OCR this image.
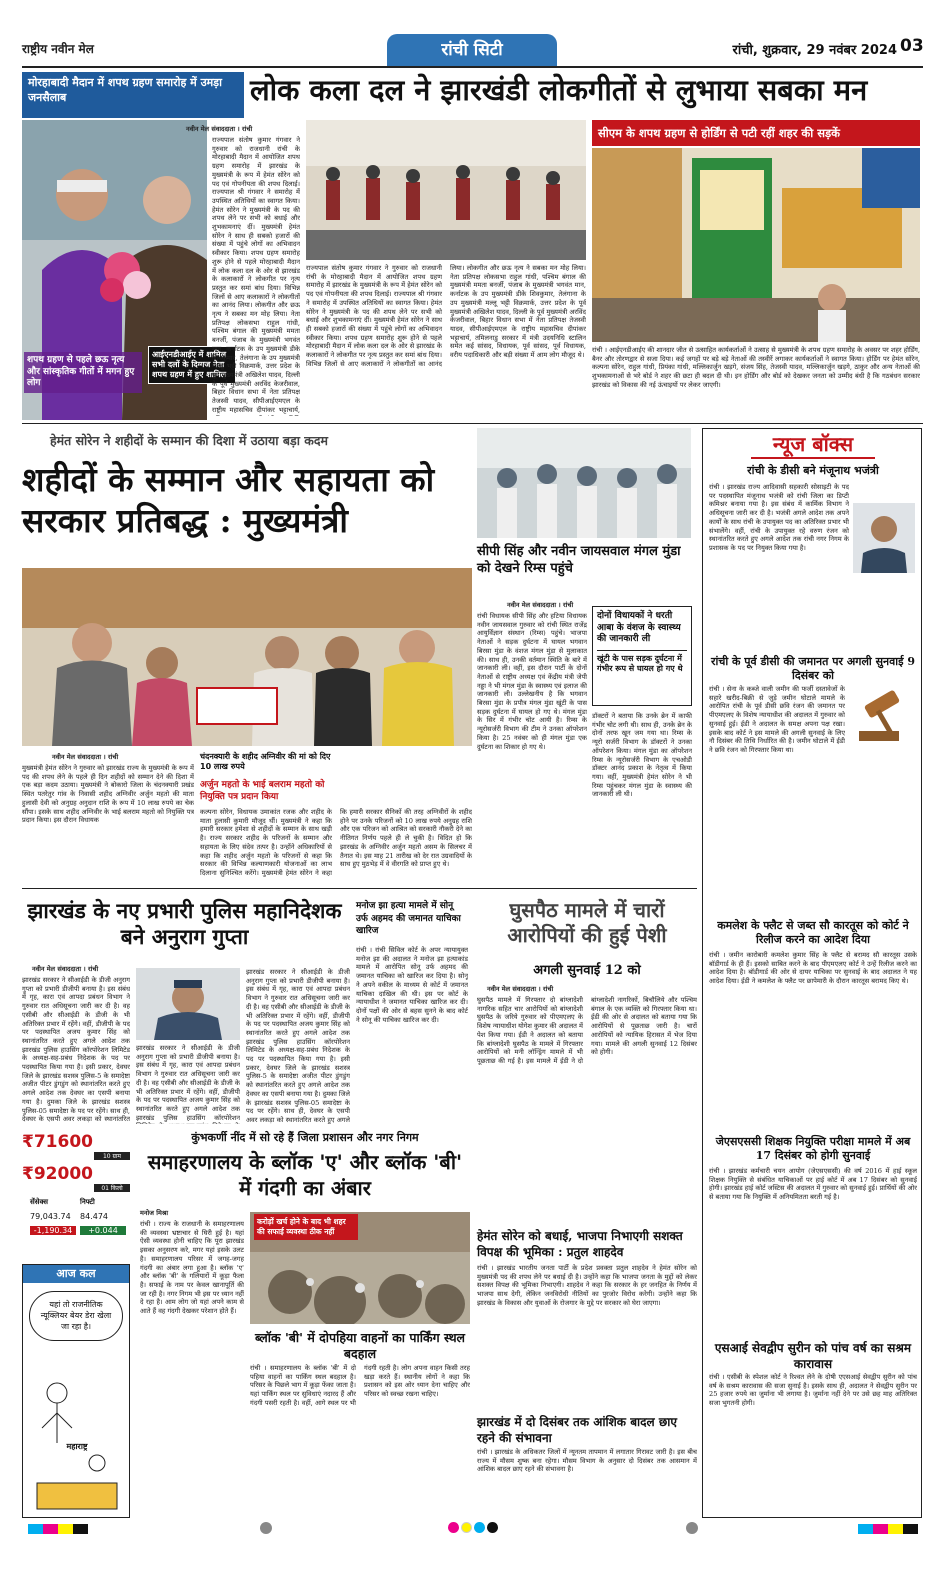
राष्ट्रीय नवीन मेल	रांची सिटी	रांची, शुक्रवार, 29 नवंबर 2024 03
मोरहाबादी मैदान में शपथ ग्रहण समारोह में उमड़ा जनसैलाब	लोक कला दल ने झारखंडी लोकगीतों से लुभाया सबका मन
शपथ ग्रहण से पहले छऊ नृत्य और सांस्कृतिक गीतों में मगन हुए लोग
आईएनडीआईए में शामिल सभी दलों के दिग्गज नेता शपथ ग्रहण में हुए शामिल
नवीन मेल संवाददाता । रांची
राज्यपाल संतोष कुमार गंगवार ने गुरुवार को राजधानी रांची के मोरहाबादी मैदान में आयोजित शपथ ग्रहण समारोह में झारखंड के मुख्यमंत्री के रूप में हेमंत सोरेन को पद एवं गोपनीयता की शपथ दिलाई। राज्यपाल श्री गंगवार ने समारोह में उपस्थित अतिथियों का स्वागत किया। हेमंत सोरेन ने मुख्यमंत्री के पद की शपथ लेने पर सभी को बधाई और शुभकामनाएं दीं। मुख्यमंत्री हेमंत सोरेन ने साथ ही सबको हजारों की संख्या में पहुंचे लोगों का अभिवादन स्वीकार किया। शपथ ग्रहण समारोह शुरू होने से पहले मोरहाबादी मैदान में लोक कला दल के ओर से झारखंड के कलाकारों ने लोकगीत पर नृत्य प्रस्तुत कर समां बांध दिया। विभिन्न जिलों से आए कलाकारों ने लोकगीतों का आनंद लिया। लोकगीत और छऊ नृत्य ने सबका मन मोह लिया। नेता प्रतिपक्ष लोकसभा राहुल गांधी, पश्चिम बंगाल की मुख्यमंत्री ममता बनर्जी, पंजाब के मुख्यमंत्री भगवंत मान, कर्नाटक के उप मुख्यमंत्री डीके शिवकुमार, तेलंगाना के उप मुख्यमंत्री मल्लू भट्टी विक्रमार्क, उत्तर प्रदेश के पूर्व मुख्यमंत्री अखिलेश यादव, दिल्ली के पूर्व मुख्यमंत्री अरविंद केजरीवाल, बिहार विधान सभा में नेता प्रतिपक्ष तेजस्वी यादव, सीपीआईएमएल के राष्ट्रीय महासचिव दीपांकर भट्टाचार्य,
राज्यपाल संतोष कुमार गंगवार ने गुरुवार को राजधानी रांची के मोरहाबादी मैदान में आयोजित शपथ ग्रहण समारोह में झारखंड के मुख्यमंत्री के रूप में हेमंत सोरेन को पद एवं गोपनीयता की शपथ दिलाई। राज्यपाल श्री गंगवार ने समारोह में उपस्थित अतिथियों का स्वागत किया। हेमंत सोरेन ने मुख्यमंत्री के पद की शपथ लेने पर सभी को बधाई और शुभकामनाएं दीं। मुख्यमंत्री हेमंत सोरेन ने साथ ही सबको हजारों की संख्या में पहुंचे लोगों का अभिवादन स्वीकार किया। शपथ ग्रहण समारोह शुरू होने से पहले मोरहाबादी मैदान में लोक कला दल के ओर से झारखंड के कलाकारों ने लोकगीत पर नृत्य प्रस्तुत कर समां बांध दिया। विभिन्न जिलों से आए कलाकारों ने लोकगीतों का आनंद लिया। लोकगीत और छऊ नृत्य ने सबका मन मोह लिया। नेता प्रतिपक्ष लोकसभा राहुल गांधी, पश्चिम बंगाल की मुख्यमंत्री ममता बनर्जी, पंजाब के मुख्यमंत्री भगवंत मान, कर्नाटक के उप मुख्यमंत्री डीके शिवकुमार, तेलंगाना के उप मुख्यमंत्री मल्लू भट्टी विक्रमार्क, उत्तर प्रदेश के पूर्व मुख्यमंत्री अखिलेश यादव, दिल्ली के पूर्व मुख्यमंत्री अरविंद केजरीवाल, बिहार विधान सभा में नेता प्रतिपक्ष तेजस्वी यादव, सीपीआईएमएल के राष्ट्रीय महासचिव दीपांकर भट्टाचार्य, तमिलनाडु सरकार में मंत्री उदयनिधि स्टालिन समेत कई सांसद, विधायक, पूर्व सांसद, पूर्व विधायक, वरीय पदाधिकारी और बड़ी संख्या में आम लोग मौजूद थे।
सीएम के शपथ ग्रहण से होर्डिंग से पटी रहीं शहर की सड़कें
रांची । आईएनडीआईए की शानदार जीत से उत्साहित कार्यकर्ताओं ने उत्साह से मुख्यमंत्री के शपथ ग्रहण समारोह के अवसर पर शहर होर्डिंग, बैनर और तोरणद्वार से सजा दिया। कई जगहों पर बड़े बड़े नेताओं की तस्वीरें लगाकर कार्यकर्ताओं ने स्वागत किया। होर्डिंग पर हेमंत सोरेन, कल्पना सोरेन, राहुल गांधी, प्रियंका गांधी, मल्लिकार्जुन खड़गे, संजय सिंह, तेजस्वी यादव, मल्लिकार्जुन खड़गे, ठाकुर और अन्य नेताओं की शुभकामनाओं से भरे बोर्ड ने शहर की छटा ही बदल दी थी। इन होर्डिंग और बोर्ड को देखकर जनता को उम्मीद बंधी है कि गठबंधन सरकार झारखंड को विकास की नई ऊंचाइयों पर लेकर जाएगी।
हेमंत सोरेन ने शहीदों के सम्मान की दिशा में उठाया बड़ा कदम
शहीदों के सम्मान और सहायता को सरकार प्रतिबद्ध : मुख्यमंत्री
नवीन मेल संवाददाता । रांची
मुख्यमंत्री हेमंत सोरेन ने गुरुवार को झारखंड राज्य के मुख्यमंत्री के रूप में पद की शपथ लेने के पहले ही दिन शहीदों को सम्मान देने की दिशा में एक बड़ा कदम उठाया। मुख्यमंत्री ने बोकारो जिला के चंदनक्यारी प्रखंड स्थित पतरेतुर गांव के निवासी शहीद अग्निवीर अर्जुन महतो की माता हुलासी देवी को अनुग्रह अनुदान राशि के रूप में 10 लाख रुपये का चेक सौंपा। इसके साथ शहीद अग्निवीर के भाई बलराम महतो को नियुक्ति पत्र प्रदान किया। इस दौरान विधायक
चंदनक्यारी के शहीद अग्निवीर की मां को दिए 10 लाख रुपये
अर्जुन महतो के भाई बलराम महतो को नियुक्ति पत्र प्रदान किया
कल्पना सोरेन, विधायक उमाकांत रजक और शहीद के माता हुलासी कुमारी मौजूद थीं। मुख्यमंत्री ने कहा कि हमारी सरकार हमेशा से शहीदों के सम्मान के साथ खड़ी है। राज्य सरकार शहीद के परिजनों के सम्मान और सहायता के लिए संदेव तत्पर है। उन्होंने अधिकारियों से कहा कि शहीद अर्जुन महतो के परिजनों से कहा कि सरकार की विभिन्न कल्याणकारी योजनाओं का लाभ दिलाना सुनिश्चित करेंगे। मुख्यमंत्री हेमंत सोरेन ने कहा कि हमारी सरकार सैनिकों की तरह अग्निवीरों के शहीद होने पर उनके परिजनों को 10 लाख रुपये अनुग्रह राशि और एक परिजन को आश्रित को सरकारी नौकरी देने का नीतिगत निर्णय पहले ही ले चुकी है। विदित हो कि झारखंड के अग्निवीर अर्जुन महतो असम के सिलचर में तैनात थे। इस माह 21 तारीख को देर रात उग्रवादियों के साथ हुए मुठभेड़ में वे वीरगति को प्राप्त हुए थे।
सीपी सिंह और नवीन जायसवाल मंगल मुंडा को देखने रिम्स पहुंचे
नवीन मेल संवाददाता । रांची
रांची विधायक सीपी सिंह और हटिया विधायक नवीन जायसवाल गुरुवार को रांची स्थित राजेंद्र आयुर्विज्ञान संस्थान (रिम्स) पहुंचे। भाजपा नेताओं ने सड़क दुर्घटना में घायल भगवान बिरसा मुंडा के वंशज मंगल मुंडा से मुलाकात की। साथ ही, उनकी वर्तमान स्थिति के बारे में जानकारी ली। वहीं, इस दौरान पार्टी के दोनों नेताओं से राष्ट्रीय अध्यक्ष एवं केंद्रीय मंत्री जेपी नड्डा ने भी मंगल मुंडा के स्वास्थ्य एवं इलाज की जानकारी ली। उल्लेखनीय है कि भगवान बिरसा मुंडा के प्रपौत्र मंगल मुंडा खूंटी के पास सड़क दुर्घटना में घायल हो गए थे। मंगल मुंडा के सिर में गंभीर चोट आयी है। रिम्स के न्यूरोसर्जरी विभाग की टीम ने उनका ऑपरेशन किया है। 25 नवंबर को ही मंगल मुंडा एक दुर्घटना का शिकार हो गए थे।
दोनों विधायकों ने धरती आबा के वंशज के स्वास्थ्य की जानकारी ली
खूंटी के पास सड़क दुर्घटना में गंभीर रूप से घायल हो गए थे
डॉक्टरों ने बताया कि उनके ब्रेन में काफी गंभीर चोट लगी थी। साथ ही, उनके ब्रेन के दोनों तरफ खून जम गया था। रिम्स के न्यूरो सर्जरी विभाग के डॉक्टरों ने उनका ऑपरेशन किया। मंगल मुंडा का ऑपरेशन रिम्स के न्यूरोसर्जरी विभाग के एचओडी डॉक्टर आनंद प्रकाश के नेतृत्व में किया गया। वहीं, मुख्यमंत्री हेमंत सोरेन ने भी रिम्स पहुंचकर मंगल मुंडा के स्वास्थ्य की जानकारी ली थी।
झारखंड के नए प्रभारी पुलिस महानिदेशक बने अनुराग गुप्ता
नवीन मेल संवाददाता । रांची
झारखंड सरकार ने सीआईडी के डीजी अनुराग गुप्ता को प्रभारी डीजीपी बनाया है। इस संबंध में गृह, कारा एवं आपदा प्रबंधन विभाग ने गुरुवार रात अधिसूचना जारी कर दी है। वह एसीबी और सीआईडी के डीजी के भी अतिरिक्त प्रभार में रहेंगे। वहीं, डीजीपी के पद पर पदस्थापित अजय कुमार सिंह को स्थानांतरित करते हुए अगले आदेश तक झारखंड पुलिस हाउसिंग कॉरपोरेशन लिमिटेड के अध्यक्ष-सह-प्रबंध निदेशक के पद पर पदस्थापित किया गया है। इसी प्रकार, देवघर जिले के झारखंड सशस्त्र पुलिस-5 के समादेष्टा अजीत पीटर डुंगडुंग को स्थानांतरित करते हुए अगले आदेश तक देवघर का एसपी बनाया गया है। दुमका जिले के झारखंड सशस्त्र पुलिस-05 समादेष्टा के पद पर रहेंगे। साथ ही, देवघर के एसपी अवर लकड़ा को स्थानांतरित
झारखंड सरकार ने सीआईडी के डीजी अनुराग गुप्ता को प्रभारी डीजीपी बनाया है। इस संबंध में गृह, कारा एवं आपदा प्रबंधन विभाग ने गुरुवार रात अधिसूचना जारी कर दी है। वह एसीबी और सीआईडी के डीजी के भी अतिरिक्त प्रभार में रहेंगे। वहीं, डीजीपी के पद पर पदस्थापित अजय कुमार सिंह को स्थानांतरित करते हुए अगले आदेश तक झारखंड पुलिस हाउसिंग कॉरपोरेशन
झारखंड सरकार ने सीआईडी के डीजी अनुराग गुप्ता को प्रभारी डीजीपी बनाया है। इस संबंध में गृह, कारा एवं आपदा प्रबंधन विभाग ने गुरुवार रात अधिसूचना जारी कर दी है। वह एसीबी और सीआईडी के डीजी के भी अतिरिक्त प्रभार में रहेंगे। वहीं, डीजीपी के पद पर पदस्थापित अजय कुमार सिंह को स्थानांतरित करते हुए अगले आदेश तक झारखंड पुलिस हाउसिंग कॉरपोरेशन लिमिटेड के अध्यक्ष-सह-प्रबंध निदेशक के पद पर पदस्थापित किया गया है। इसी प्रकार, देवघर जिले के झारखंड सशस्त्र पुलिस-5 के समादेष्टा अजीत पीटर डुंगडुंग को स्थानांतरित करते हुए अगले आदेश तक देवघर का एसपी बनाया गया है। दुमका जिले के झारखंड सशस्त्र पुलिस-05 समादेष्टा के पद पर रहेंगे। साथ ही, देवघर के एसपी अवर लकड़ा को स्थानांतरित करते हुए अगले
मनोज झा हत्या मामले में सोनू उर्फ अहमद की जमानत याचिका खारिज
रांची । रांची सिविल कोर्ट के अपर न्यायायुक्त मनोज झा की अदालत ने मनोज झा हत्याकांड मामले में आरोपित सोनू उर्फ अहमद की जमानत याचिका को खारिज कर दिया है। सोनू ने अपने वकील के माध्यम से कोर्ट में जमानत याचिका दाखिल की थी। इस पर कोर्ट के न्यायाधीश ने जमानत याचिका खारिज कर दी। दोनों पक्षों की ओर से बहस सुनने के बाद कोर्ट ने सोनू की याचिका खारिज कर दी।
घुसपैठ मामले में चारों आरोपियों की हुई पेशी
अगली सुनवाई 12 को
नवीन मेल संवाददाता । रांची
घुसपैठ मामले में गिरफ्तार दो बांग्लादेशी नागरिक सहित चार आरोपियों को बांग्लादेशी घुसपैठ के जरिये गुरुवार को पीएमएलए के विशेष न्यायाधीश योगेश कुमार की अदालत में पेश किया गया। ईडी ने अदालत को बताया कि बांग्लादेशी घुसपैठ के मामले में गिरफ्तार आरोपियों को मनी लॉन्ड्रिंग मामले में भी पूछताछ की गई है। इस मामले में ईडी ने दो बांग्लादेशी नागरिकों, बिचौलिये और पश्चिम बंगाल के एक व्यक्ति को गिरफ्तार किया था। ईडी की ओर से अदालत को बताया गया कि आरोपियों से पूछताछ जारी है। चारों आरोपियों को न्यायिक हिरासत में भेज दिया गया। मामले की अगली सुनवाई 12 दिसंबर को होगी।
हेमंत सोरेन को बधाई, भाजपा निभाएगी सशक्त विपक्ष की भूमिका : प्रतुल शाहदेव
रांची । झारखंड भारतीय जनता पार्टी के प्रदेश प्रवक्ता प्रतुल शाहदेव ने हेमंत सोरेन को मुख्यमंत्री पद की शपथ लेने पर बधाई दी है। उन्होंने कहा कि भाजपा जनता के मुद्दों को लेकर सशक्त विपक्ष की भूमिका निभाएगी। शाहदेव ने कहा कि सरकार के हर जनहित के निर्णय में भाजपा साथ देगी, लेकिन जनविरोधी नीतियों का पुरजोर विरोध करेगी। उन्होंने कहा कि झारखंड के विकास और युवाओं के रोजगार के मुद्दे पर सरकार को घेरा जाएगा।
झारखंड में दो दिसंबर तक आंशिक बादल छाए रहने की संभावना
रांची । झारखंड के अधिकतर जिलों में न्यूनतम तापमान में लगातार गिरावट जारी है। इस बीच राज्य में मौसम शुष्क बना रहेगा। मौसम विभाग के अनुसार दो दिसंबर तक आसमान में आंशिक बादल छाए रहने की संभावना है।
₹71600
10 ग्राम
₹92000
01 किलो
सेंसेक्स	निफ्टी
79,043.74 84.474
-1,190.34	+0.044
आज कल
यहां तो राजनीतिक न्यूक्लियर बेयर डेरा खेला जा रहा है।
महाराष्ट्र
कुंभकर्णी नींद में सो रहे हैं जिला प्रशासन और नगर निगम
समाहरणालय के ब्लॉक 'ए' और ब्लॉक 'बी' में गंदगी का अंबार
मनोज मिश्रा
रांची । राज्य के राजधानी के समाहरणालय की व्यवस्था भ्रष्टाचार से घिरी हुई है। यहां ऐसी व्यवस्था होनी चाहिए कि पूरा झारखंड इसका अनुसरण करे, मगर यहां इसके उलट है। समाहरणालय परिसर में जगह-जगह गंदगी का अंबार लगा हुआ है। ब्लॉक 'ए' और ब्लॉक 'बी' के गलियारों में कूड़ा फैला है। सफाई के नाम पर केवल खानापूर्ति की जा रही है। नगर निगम भी इस पर ध्यान नहीं दे रहा है। आम लोग जो यहां अपने काम से आते हैं वह गंदगी देखकर परेशान होते हैं।
करोड़ों खर्च होने के बाद भी शहर की सफाई व्यवस्था ठीक नहीं
ब्लॉक 'बी' में दोपहिया वाहनों का पार्किंग स्थल बदहाल
रांची । समाहरणालय के ब्लॉक 'बी' में दो पहिया वाहनों का पार्किंग स्थल बदहाल है। परिसर के पिछले भाग में कूड़ा फेंका जाता है। यहां पार्किंग स्थल पर सुविधाएं नदारद हैं और गंदगी पसरी रहती है। वहीं, आगे स्थल पर भी गंदगी रहती है। लोग अपना वाहन किसी तरह खड़ा करते हैं। स्थानीय लोगों ने कहा कि प्रशासन को इस ओर ध्यान देना चाहिए और परिसर को स्वच्छ रखना चाहिए।
न्यूज बॉक्स
रांची के डीसी बने मंजूनाथ भजंत्री
रांची । झारखंड राज्य आदिवासी सहकारी सोसाइटी के पद पर पदस्थापित मंजूनाथ भजंत्री को रांची जिला का डिप्टी कमिश्नर बनाया गया है। इस संबंध में कार्मिक विभाग ने अधिसूचना जारी कर दी है। भजंत्री अगले आदेश तक अपने कार्यों के साथ रांची के उपायुक्त पद का अतिरिक्त प्रभार भी संभालेंगे। वहीं, रांची के उपायुक्त रहे वरुण रंजन को स्थानांतरित करते हुए अगले आदेश तक रांची नगर निगम के प्रशासक के पद पर नियुक्त किया गया है।
रांची के पूर्व डीसी की जमानत पर अगली सुनवाई 9 दिसंबर को
रांची । सेना के कब्जे वाली जमीन की फर्जी दस्तावेजों के सहारे खरीद-बिक्री से जुड़े जमीन घोटाले मामले के आरोपित रांची के पूर्व डीसी छवि रंजन की जमानत पर पीएमएलए के विशेष न्यायाधीश की अदालत में गुरुवार को सुनवाई हुई। ईडी ने अदालत के समक्ष अपना पक्ष रखा। इसके बाद कोर्ट ने इस मामले की अगली सुनवाई के लिए नौ दिसंबर की तिथि निर्धारित की है। जमीन घोटाले में ईडी ने छवि रंजन को गिरफ्तार किया था।
कमलेश के फ्लैट से जब्त सौ कारतूस को कोर्ट ने रिलीज करने का आदेश दिया
रांची । जमीन कारोबारी कमलेश कुमार सिंह के फ्लैट से बरामद सौ कारतूस उसके बॉडीगार्ड के ही हैं। इसको साबित करने के बाद पीएमएलए कोर्ट ने उन्हें रिलीज करने का आदेश दिया है। बॉडीगार्ड की ओर से दायर याचिका पर सुनवाई के बाद अदालत ने यह आदेश दिया। ईडी ने कमलेश के फ्लैट पर छापेमारी के दौरान कारतूस बरामद किए थे।
जेएसएससी शिक्षक नियुक्ति परीक्षा मामले में अब 17 दिसंबर को होगी सुनवाई
रांची । झारखंड कर्मचारी चयन आयोग (जेएसएससी) की वर्ष 2016 में हाई स्कूल शिक्षक नियुक्ति से संबंधित याचिकाओं पर हाई कोर्ट में अब 17 दिसंबर को सुनवाई होगी। झारखंड हाई कोर्ट जस्टिस की अदालत में गुरुवार को सुनवाई हुई। प्रार्थियों की ओर से बताया गया कि नियुक्ति में अनियमितता बरती गई है।
एसआई सेवद्वीप सुरीन को पांच वर्ष का सश्रम कारावास
रांची । एसीबी के स्पेशल कोर्ट ने रिश्वत लेने के दोषी एएसआई सेवद्वीप सुरीन को पांच वर्ष के सश्रम कारावास की सजा सुनाई है। इसके साथ ही, अदालत ने सेवद्वीप सुरीन पर 25 हजार रुपये का जुर्माना भी लगाया है। जुर्माना नहीं देने पर उसे छह माह अतिरिक्त सजा भुगतनी होगी।
